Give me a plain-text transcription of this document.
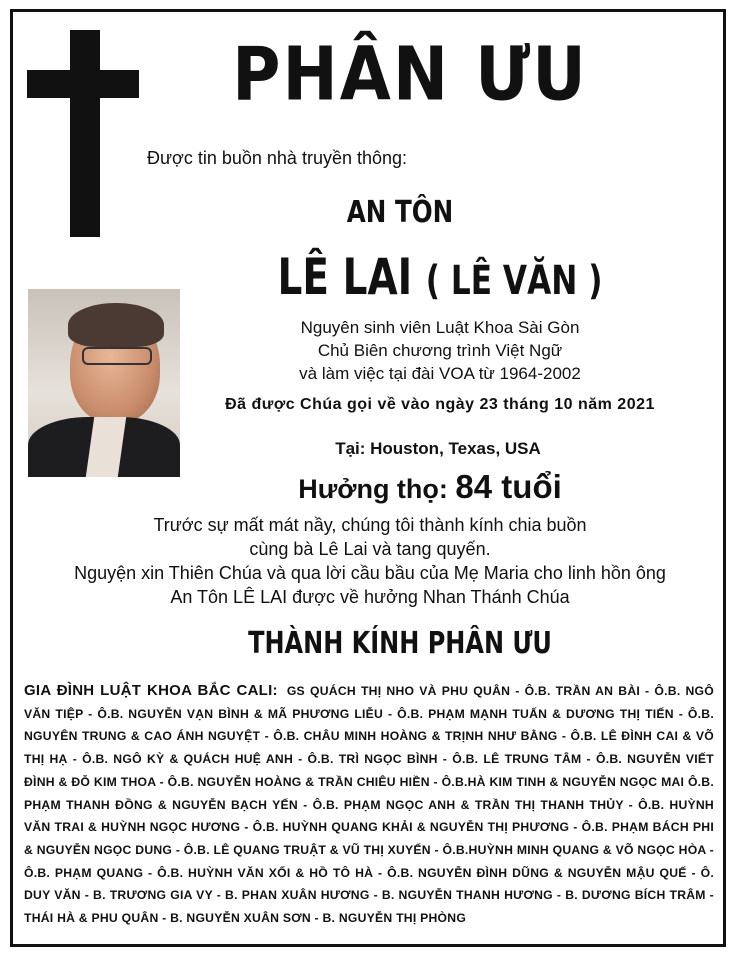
PHÂN ƯU
Được tin buồn nhà truyền thông:
AN TÔN
LÊ LAI ( LÊ VĂN )
Nguyên sinh viên Luật Khoa Sài Gòn
Chủ Biên chương trình Việt Ngữ
và làm việc tại đài VOA từ 1964-2002
Đã được Chúa gọi về vào ngày 23 tháng 10 năm 2021
Tại: Houston, Texas, USA
Hưởng thọ: 84 tuổi
Trước sự mất mát nầy, chúng tôi thành kính chia buồn
cùng bà Lê Lai và tang quyến.
Nguyện xin Thiên Chúa và qua lời cầu bầu của Mẹ Maria cho linh hồn ông
An Tôn LÊ LAI được về hưởng Nhan Thánh Chúa
THÀNH KÍNH PHÂN ƯU
GIA ĐÌNH LUẬT KHOA BẮC CALI: GS QUÁCH THỊ NHO VÀ PHU QUÂN - Ô.B. TRẦN AN BÀI - Ô.B. NGÔ VĂN TIỆP - Ô.B. NGUYỄN VẠN BÌNH & MÃ PHƯƠNG LIỄU - Ô.B. PHẠM MẠNH TUẤN & DƯƠNG THỊ TIẾN - Ô.B. NGUYÊN TRUNG & CAO ÁNH NGUYỆT - Ô.B. CHÂU MINH HOÀNG & TRỊNH NHƯ BẰNG - Ô.B. LÊ ĐÌNH CAI & VÕ THỊ HẠ - Ô.B. NGÔ KỲ & QUÁCH HUỆ ANH - Ô.B. TRÌ NGỌC BÌNH - Ô.B. LÊ TRUNG TÂM - Ô.B. NGUYỄN VIẾT ĐÌNH & ĐỖ KIM THOA - Ô.B. NGUYỄN HOÀNG & TRẦN CHIÊU HIỀN - Ô.B.HÀ KIM TINH & NGUYỄN NGỌC MAI Ô.B. PHẠM THANH ĐỒNG & NGUYỄN BẠCH YẾN - Ô.B. PHẠM NGỌC ANH & TRẦN THỊ THANH THỦY - Ô.B. HUỲNH VĂN TRAI & HUỲNH NGỌC HƯƠNG - Ô.B. HUỲNH QUANG KHẢI & NGUYỄN THỊ PHƯƠNG - Ô.B. PHẠM BÁCH PHI & NGUYỄN NGỌC DUNG - Ô.B. LÊ QUANG TRUẬT & VŨ THỊ XUYẾN - Ô.B.HUỲNH MINH QUANG & VÕ NGỌC HÒA - Ô.B. PHẠM QUANG - Ô.B. HUỲNH VĂN XỐI & HỒ TÔ HÀ - Ô.B. NGUYỄN ĐÌNH DŨNG & NGUYỄN MẬU QUẾ - Ô. DUY VĂN - B. TRƯƠNG GIA VY - B. PHAN XUÂN HƯƠNG - B. NGUYỄN THANH HƯƠNG - B. DƯƠNG BÍCH TRÂM - THÁI HÀ & PHU QUÂN - B. NGUYỄN XUÂN SƠN - B. NGUYỄN THỊ PHÒNG
